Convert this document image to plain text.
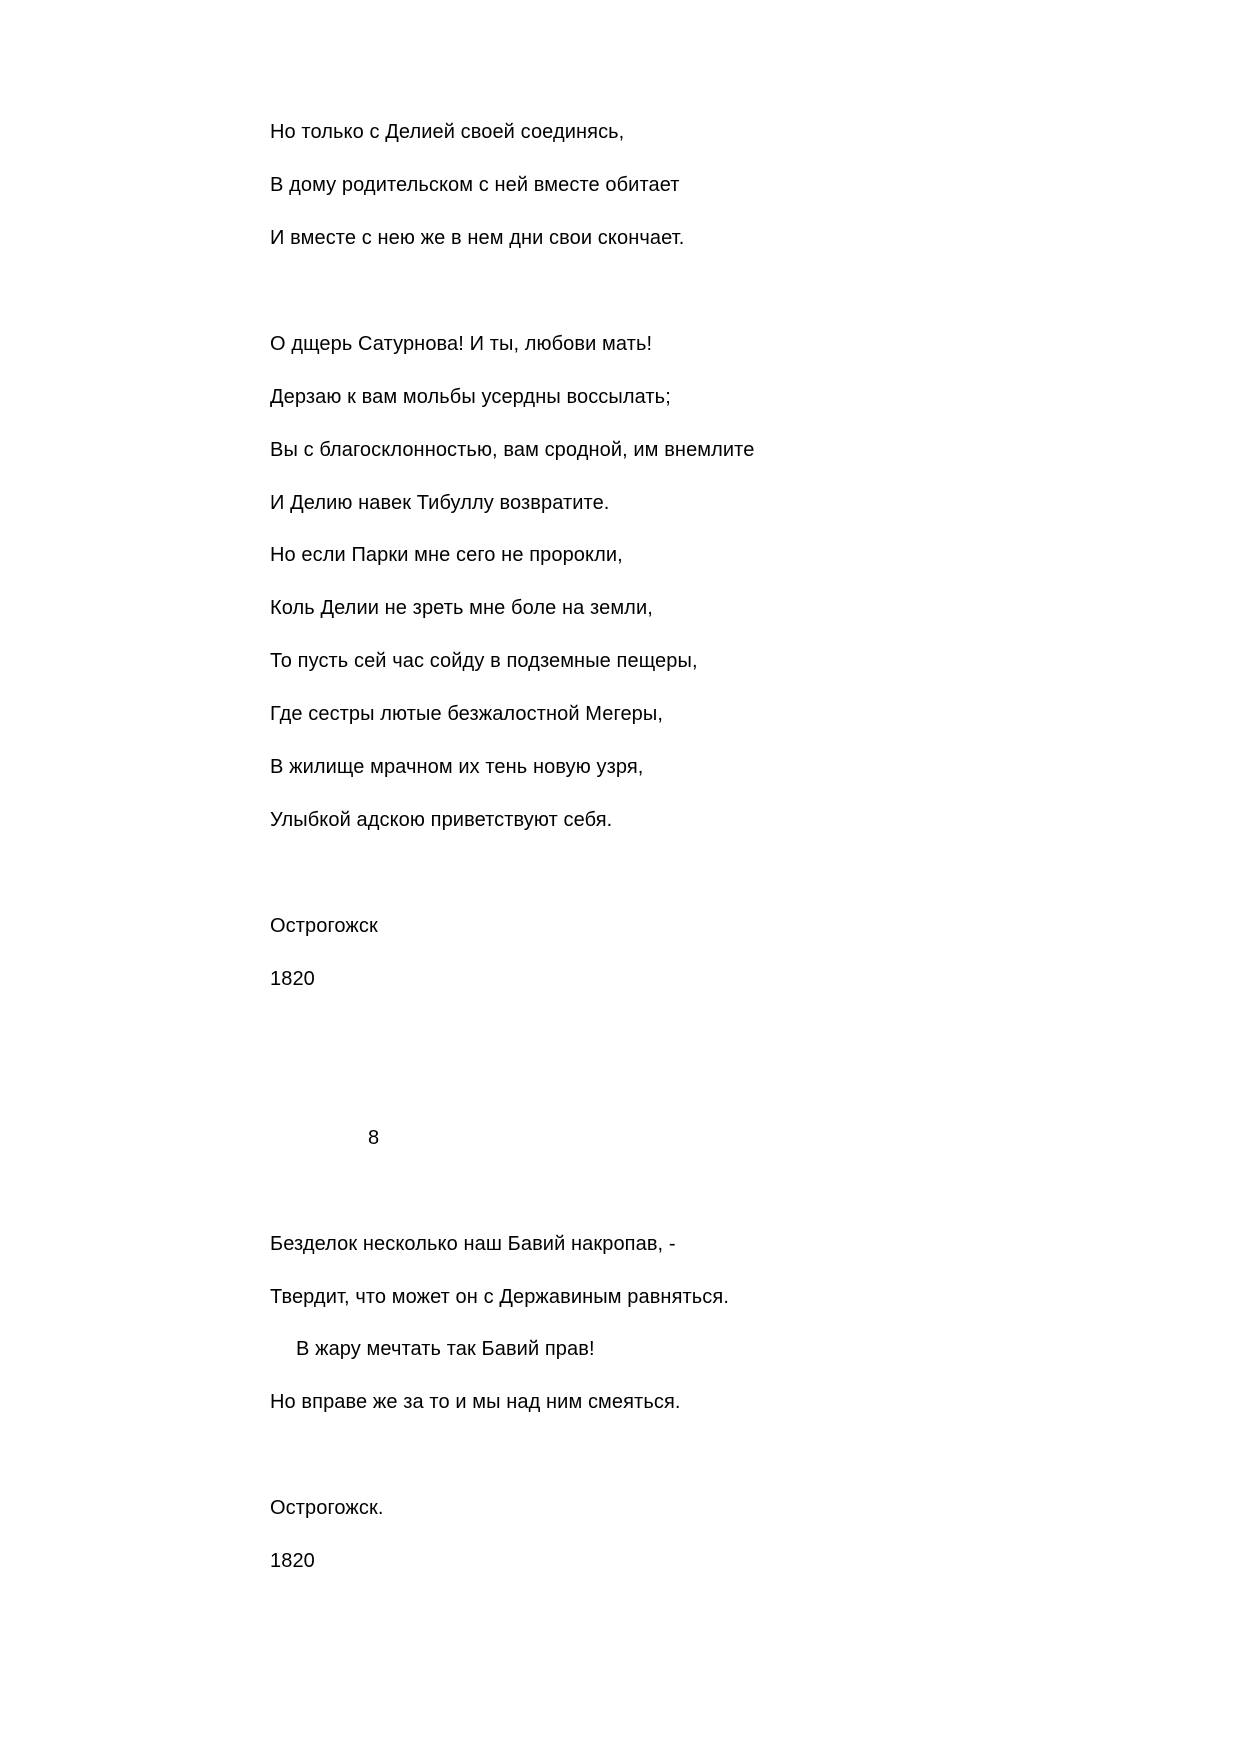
Но только с Делией своей соединясь,
В дому родительском с ней вместе обитает
И вместе с нею же в нем дни свои скончает.
О дщерь Сатурнова! И ты, любови мать!
Дерзаю к вам мольбы усердны воссылать;
Вы с благосклонностью, вам сродной, им внемлите
И Делию навек Тибуллу возвратите.
Но если Парки мне сего не пророкли,
Коль Делии не зреть мне боле на земли,
То пусть сей час сойду в подземные пещеры,
Где сестры лютые безжалостной Мегеры,
В жилище мрачном их тень новую узря,
Улыбкой адскою приветствуют себя.
Острогожск
1820
8
Безделок несколько наш Бавий накропав, -
Твердит, что может он с Державиным равняться.
В жару мечтать так Бавий прав!
Но вправе же за то и мы над ним смеяться.
Острогожск.
1820
